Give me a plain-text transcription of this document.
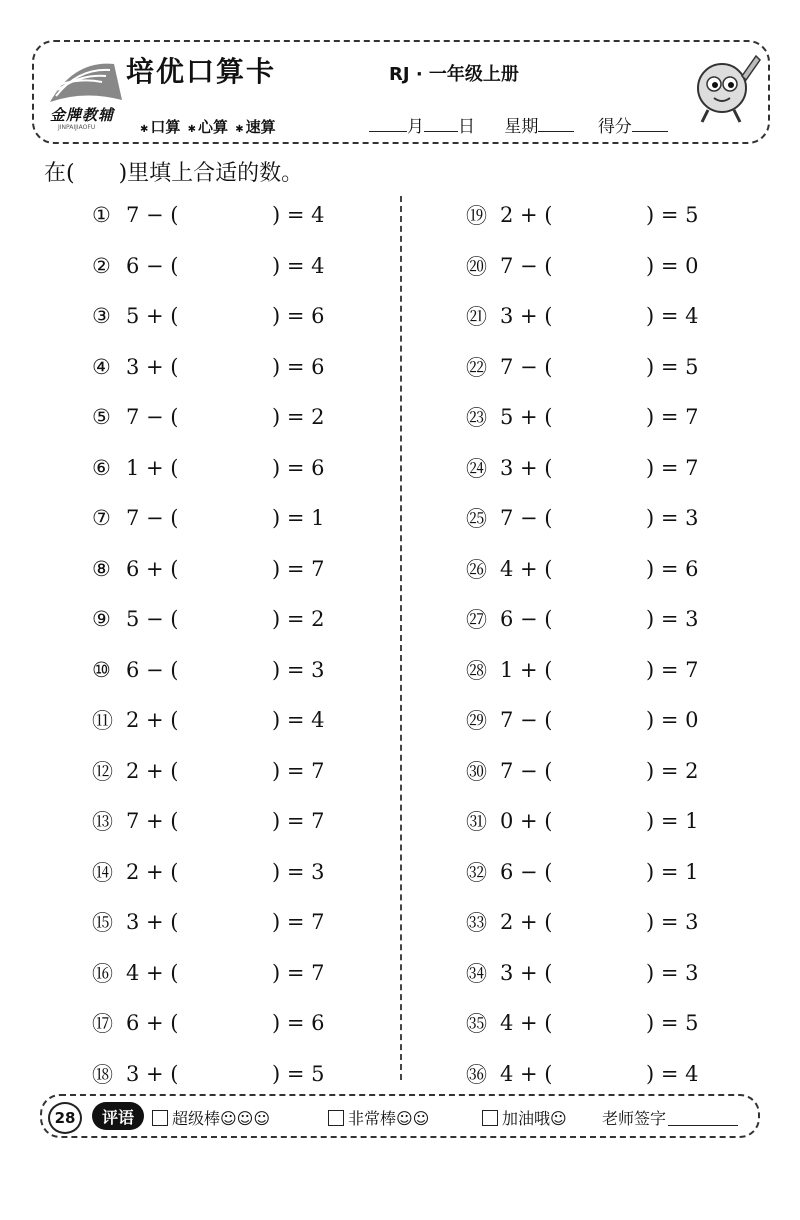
金牌教辅
JINPAIJIAOFU
培优口算卡	RJ · 一年级上册
✱ 口算 ✱ 心算 ✱ 速算	月 日 星期	得分
在(　　)里填上合适的数。
① 7 − (	) = 4
② 6 − (	) = 4
③ 5 + (	) = 6
④ 3 + (	) = 6
⑤ 7 − (	) = 2
⑥ 1 + (	) = 6
⑦ 7 − (	) = 1
⑧ 6 + (	) = 7
⑨ 5 − (	) = 2
⑩ 6 − (	) = 3
⑪ 2 + (	) = 4
⑫ 2 + (	) = 7
⑬ 7 + (	) = 7
⑭ 2 + (	) = 3
⑮ 3 + (	) = 7
⑯ 4 + (	) = 7
⑰ 6 + (	) = 6
⑱ 3 + (	) = 5
⑲ 2 + (	) = 5
⑳ 7 − (	) = 0
㉑ 3 + (	) = 4
㉒ 7 − (	) = 5
㉓ 5 + (	) = 7
㉔ 3 + (	) = 7
㉕ 7 − (	) = 3
㉖ 4 + (	) = 6
㉗ 6 − (	) = 3
㉘ 1 + (	) = 7
㉙ 7 − (	) = 0
㉚ 7 − (	) = 2
㉛ 0 + (	) = 1
㉜ 6 − (	) = 1
㉝ 2 + (	) = 3
㉞ 3 + (	) = 3
㉟ 4 + (	) = 5
㊱ 4 + (	) = 4
28	评语	超级棒☺☺☺	非常棒☺☺	加油哦☺ 老师签字
